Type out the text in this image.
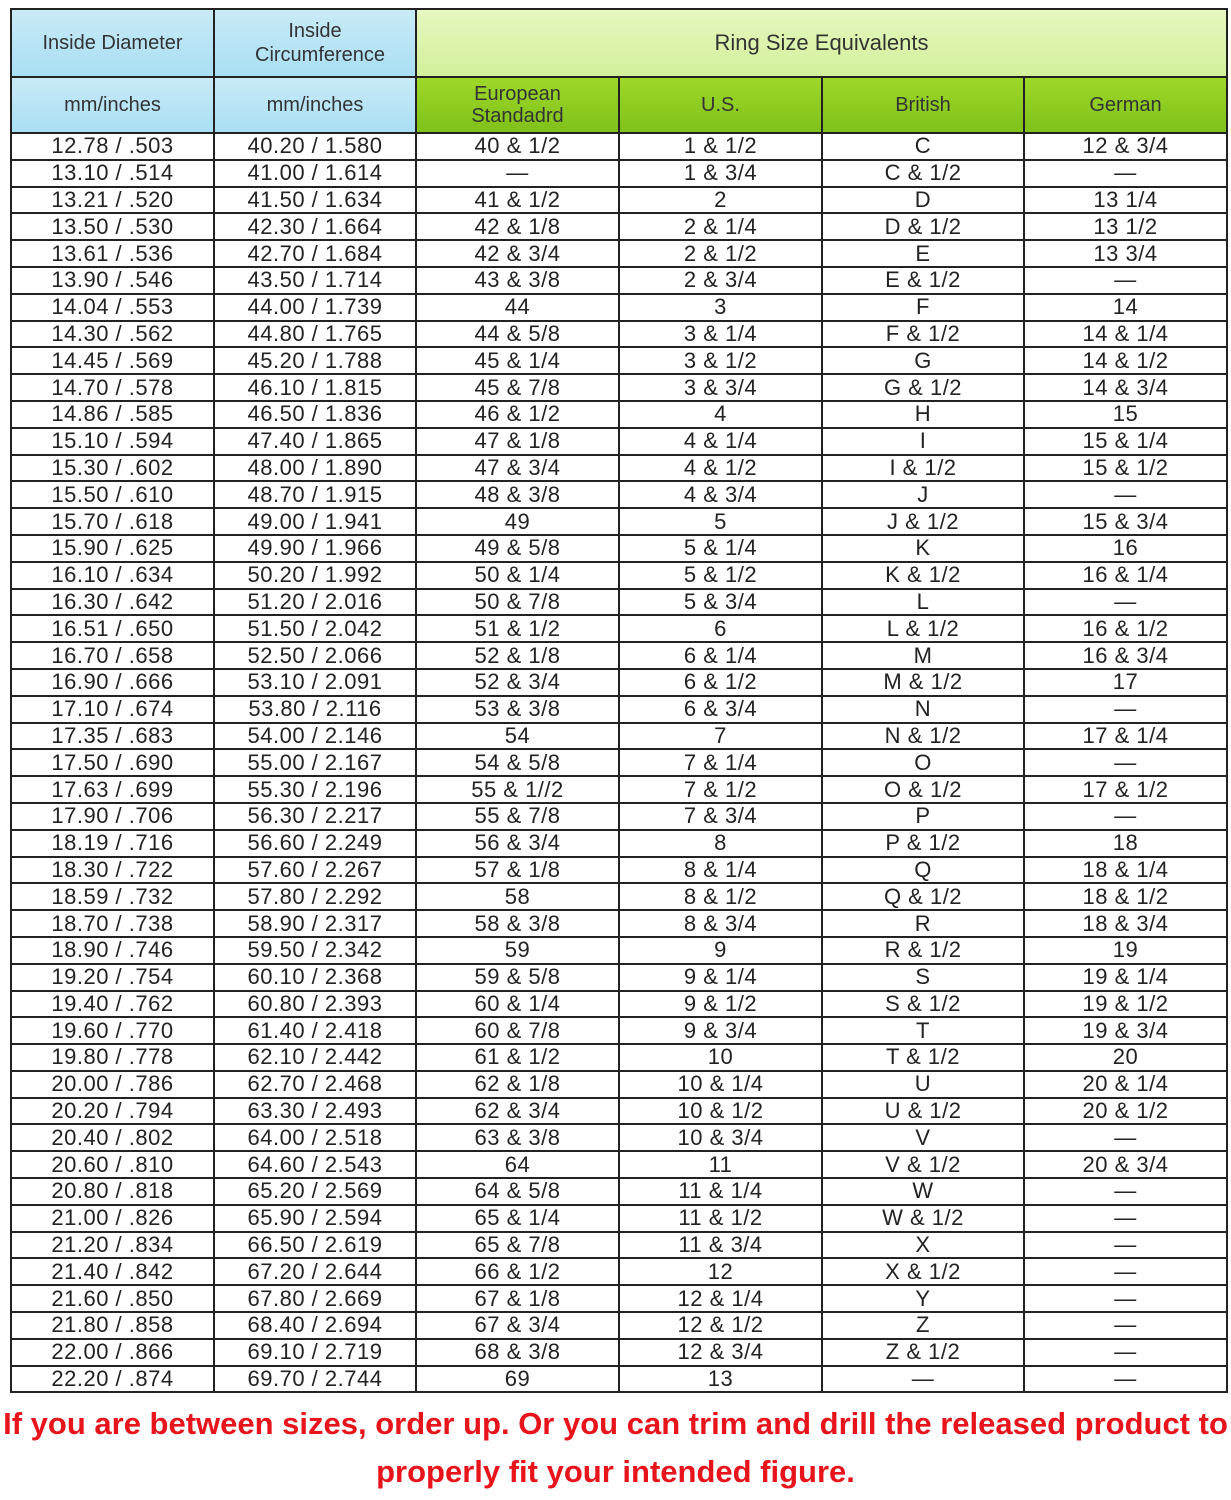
Inside Diameter	Inside Circumference	Ring Size Equivalents			
mm/inches	mm/inches	European Standadrd	U.S.	British	German
12.78 / .503	40.20 / 1.580	40 & 1/2	1 & 1/2	C	12 & 3/4
13.10 / .514	41.00 / 1.614	—	1 & 3/4	C & 1/2	—
13.21 / .520	41.50 / 1.634	41 & 1/2	2	D	13 1/4
13.50 / .530	42.30 / 1.664	42 & 1/8	2 & 1/4	D & 1/2	13 1/2
13.61 / .536	42.70 / 1.684	42 & 3/4	2 & 1/2	E	13 3/4
13.90 / .546	43.50 / 1.714	43 & 3/8	2 & 3/4	E & 1/2	—
14.04 / .553	44.00 / 1.739	44	3	F	14
14.30 / .562	44.80 / 1.765	44 & 5/8	3 & 1/4	F & 1/2	14 & 1/4
14.45 / .569	45.20 / 1.788	45 & 1/4	3 & 1/2	G	14 & 1/2
14.70 / .578	46.10 / 1.815	45 & 7/8	3 & 3/4	G & 1/2	14 & 3/4
14.86 / .585	46.50 / 1.836	46 & 1/2	4	H	15
15.10 / .594	47.40 / 1.865	47 & 1/8	4 & 1/4	I	15 & 1/4
15.30 / .602	48.00 / 1.890	47 & 3/4	4 & 1/2	I & 1/2	15 & 1/2
15.50 / .610	48.70 / 1.915	48 & 3/8	4 & 3/4	J	—
15.70 / .618	49.00 / 1.941	49	5	J & 1/2	15 & 3/4
15.90 / .625	49.90 / 1.966	49 & 5/8	5 & 1/4	K	16
16.10 / .634	50.20 / 1.992	50 & 1/4	5 & 1/2	K & 1/2	16 & 1/4
16.30 / .642	51.20 / 2.016	50 & 7/8	5 & 3/4	L	—
16.51 / .650	51.50 / 2.042	51 & 1/2	6	L & 1/2	16 & 1/2
16.70 / .658	52.50 / 2.066	52 & 1/8	6 & 1/4	M	16 & 3/4
16.90 / .666	53.10 / 2.091	52 & 3/4	6 & 1/2	M & 1/2	17
17.10 / .674	53.80 / 2.116	53 & 3/8	6 & 3/4	N	—
17.35 / .683	54.00 / 2.146	54	7	N & 1/2	17 & 1/4
17.50 / .690	55.00 / 2.167	54 & 5/8	7 & 1/4	O	—
17.63 / .699	55.30 / 2.196	55 & 1//2	7 & 1/2	O & 1/2	17 & 1/2
17.90 / .706	56.30 / 2.217	55 & 7/8	7 & 3/4	P	—
18.19 / .716	56.60 / 2.249	56 & 3/4	8	P & 1/2	18
18.30 / .722	57.60 / 2.267	57 & 1/8	8 & 1/4	Q	18 & 1/4
18.59 / .732	57.80 / 2.292	58	8 & 1/2	Q & 1/2	18 & 1/2
18.70 / .738	58.90 / 2.317	58 & 3/8	8 & 3/4	R	18 & 3/4
18.90 / .746	59.50 / 2.342	59	9	R & 1/2	19
19.20 / .754	60.10 / 2.368	59 & 5/8	9 & 1/4	S	19 & 1/4
19.40 / .762	60.80 / 2.393	60 & 1/4	9 & 1/2	S & 1/2	19 & 1/2
19.60 / .770	61.40 / 2.418	60 & 7/8	9 & 3/4	T	19 & 3/4
19.80 / .778	62.10 / 2.442	61 & 1/2	10	T & 1/2	20
20.00 / .786	62.70 / 2.468	62 & 1/8	10 & 1/4	U	20 & 1/4
20.20 / .794	63.30 / 2.493	62 & 3/4	10 & 1/2	U & 1/2	20 & 1/2
20.40 / .802	64.00 / 2.518	63 & 3/8	10 & 3/4	V	—
20.60 / .810	64.60 / 2.543	64	11	V & 1/2	20 & 3/4
20.80 / .818	65.20 / 2.569	64 & 5/8	11 & 1/4	W	—
21.00 / .826	65.90 / 2.594	65 & 1/4	11 & 1/2	W & 1/2	—
21.20 / .834	66.50 / 2.619	65 & 7/8	11 & 3/4	X	—
21.40 / .842	67.20 / 2.644	66 & 1/2	12	X & 1/2	—
21.60 / .850	67.80 / 2.669	67 & 1/8	12 & 1/4	Y	—
21.80 / .858	68.40 / 2.694	67 & 3/4	12 & 1/2	Z	—
22.00 / .866	69.10 / 2.719	68 & 3/8	12 & 3/4	Z & 1/2	—
22.20 / .874	69.70 / 2.744	69	13	—	—
If you are between sizes, order up. Or you can trim and drill the released product to properly fit your intended figure.
